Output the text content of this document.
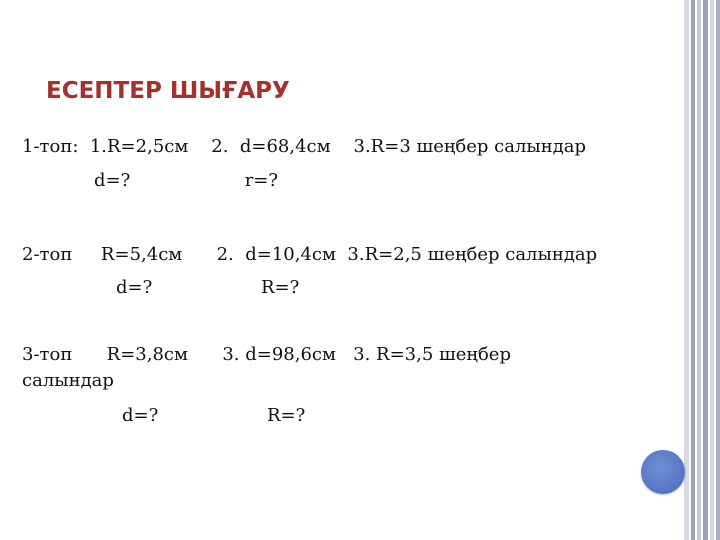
ЕСЕПТЕР ШЫҒАРУ
1-топ:  1.R=2,5см    2.  d=68,4см    3.R=3 шеңбер салындар
d=?                    r=?
2-топ     R=5,4см      2.  d=10,4см  3.R=2,5 шеңбер салындар
d=?                   R=?
3-топ      R=3,8см      3. d=98,6см   3. R=3,5 шеңбер
салындар
d=?                   R=?
